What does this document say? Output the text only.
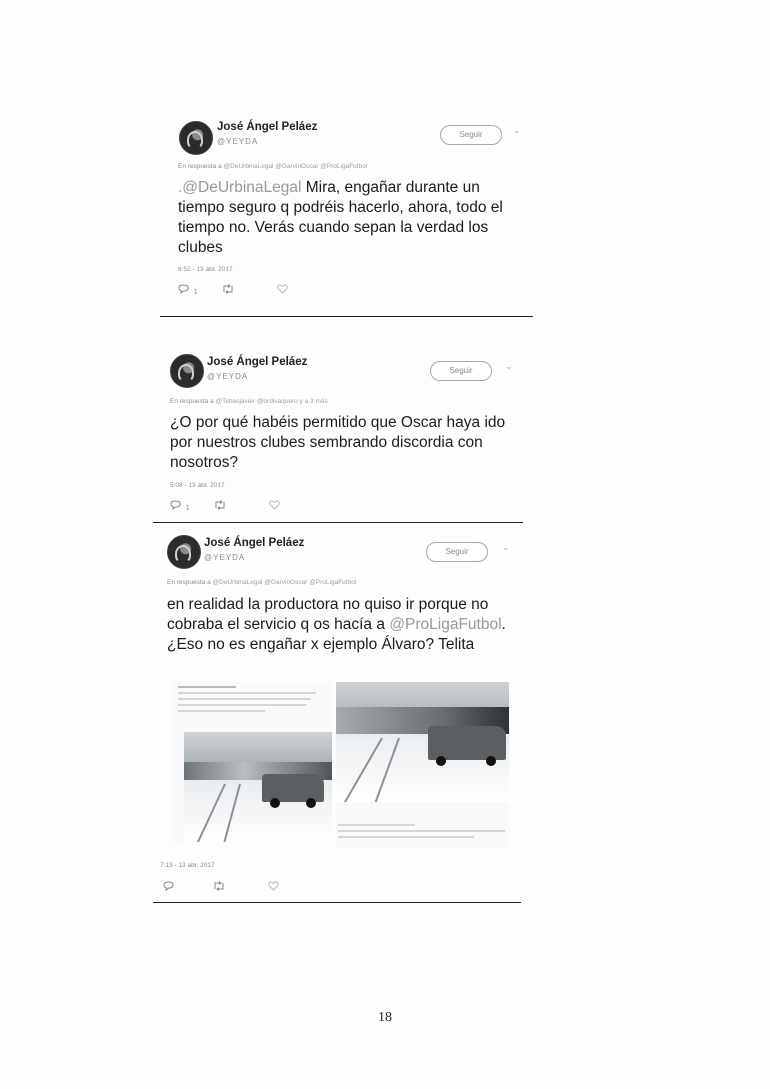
José Ángel Peláez
@YEYDA
Seguir	⌄
En respuesta a @DeUrbinaLegal @GarvinOscar @ProLigaFutbol
.@DeUrbinaLegal Mira, engañar durante un tiempo seguro q podréis hacerlo, ahora, todo el tiempo no. Verás cuando sepan la verdad los clubes
6:52 - 13 abr. 2017
1
José Ángel Peláez
@YEYDA
Seguir	⌄
En respuesta a @Tebasjavier @ordivaquero y a 3 más
¿O por qué habéis permitido que Oscar haya ido por nuestros clubes sembrando discordia con nosotros?
5:08 - 13 abr. 2017
1
José Ángel Peláez
@YEYDA
Seguir	⌄
En respuesta a @DeUrbinaLegal @GarvinOscar @ProLigaFutbol
en realidad la productora no quiso ir porque no cobraba el servicio q os hacía a @ProLigaFutbol. ¿Eso no es engañar x ejemplo Álvaro? Telita
7:13 - 13 abr. 2017

18
